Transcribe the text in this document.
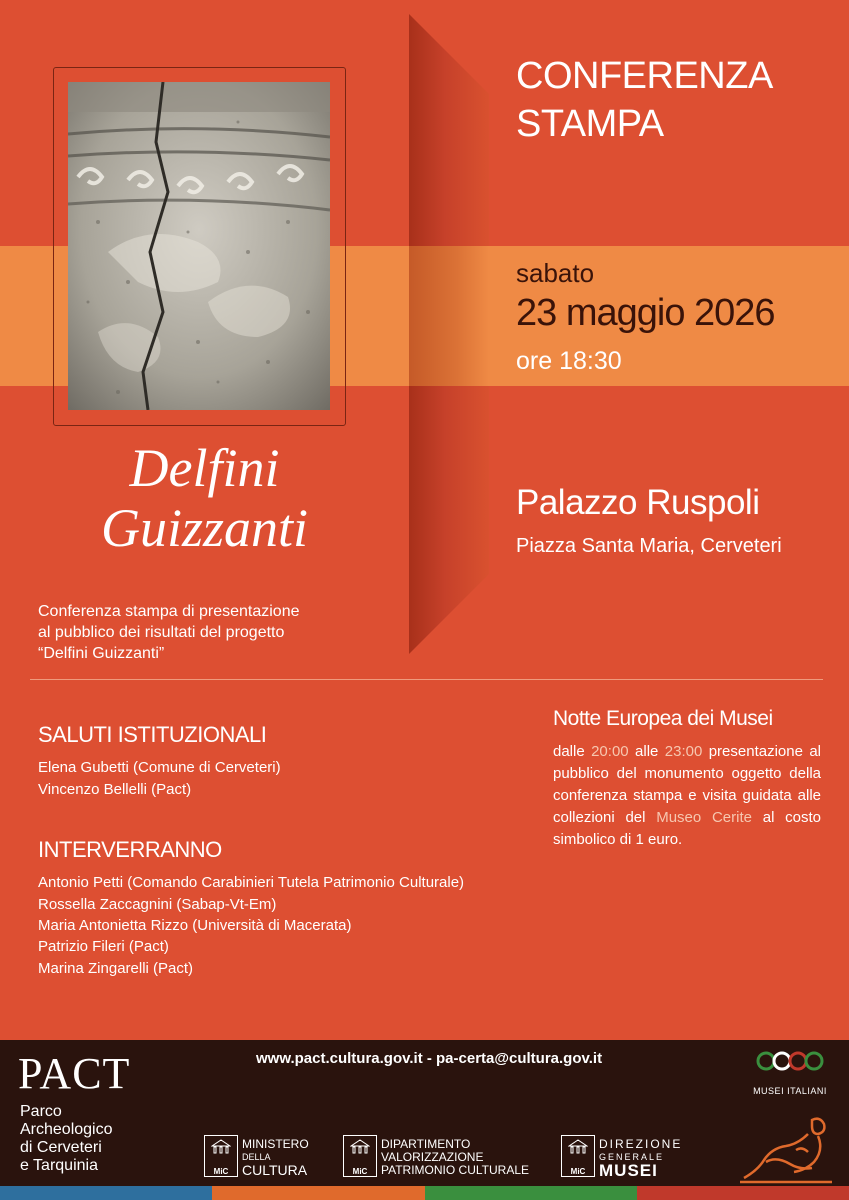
Delfini
Guizzanti
Conferenza stampa di presentazione
al pubblico dei risultati del progetto
“Delfini Guizzanti”
CONFERENZA
STAMPA
sabato
23 maggio 2026
ore 18:30
Palazzo Ruspoli
Piazza Santa Maria, Cerveteri
SALUTI ISTITUZIONALI
Elena Gubetti (Comune di Cerveteri)
Vincenzo Bellelli (Pact)
INTERVERRANNO
Antonio Petti (Comando Carabinieri Tutela Patrimonio Culturale)
Rossella Zaccagnini (Sabap-Vt-Em)
Maria Antonietta Rizzo (Università di Macerata)
Patrizio Fileri (Pact)
Marina Zingarelli (Pact)
Notte Europea dei Musei
dalle 20:00 alle 23:00 presentazione al pubblico del monumento oggetto della conferenza stampa e visita guidata alle collezioni del Museo Cerite al costo simbolico di 1 euro.
PACT
Parco
Archeologico
di Cerveteri
e Tarquinia
www.pact.cultura.gov.it - pa-certa@cultura.gov.it
MiC
MINISTERO
DELLA
CULTURA	MiC
DIPARTIMENTO
VALORIZZAZIONE
PATRIMONIO CULTURALE	MiC
DIREZIONE
GENERALE
MUSEI
MUSEI ITALIANI
